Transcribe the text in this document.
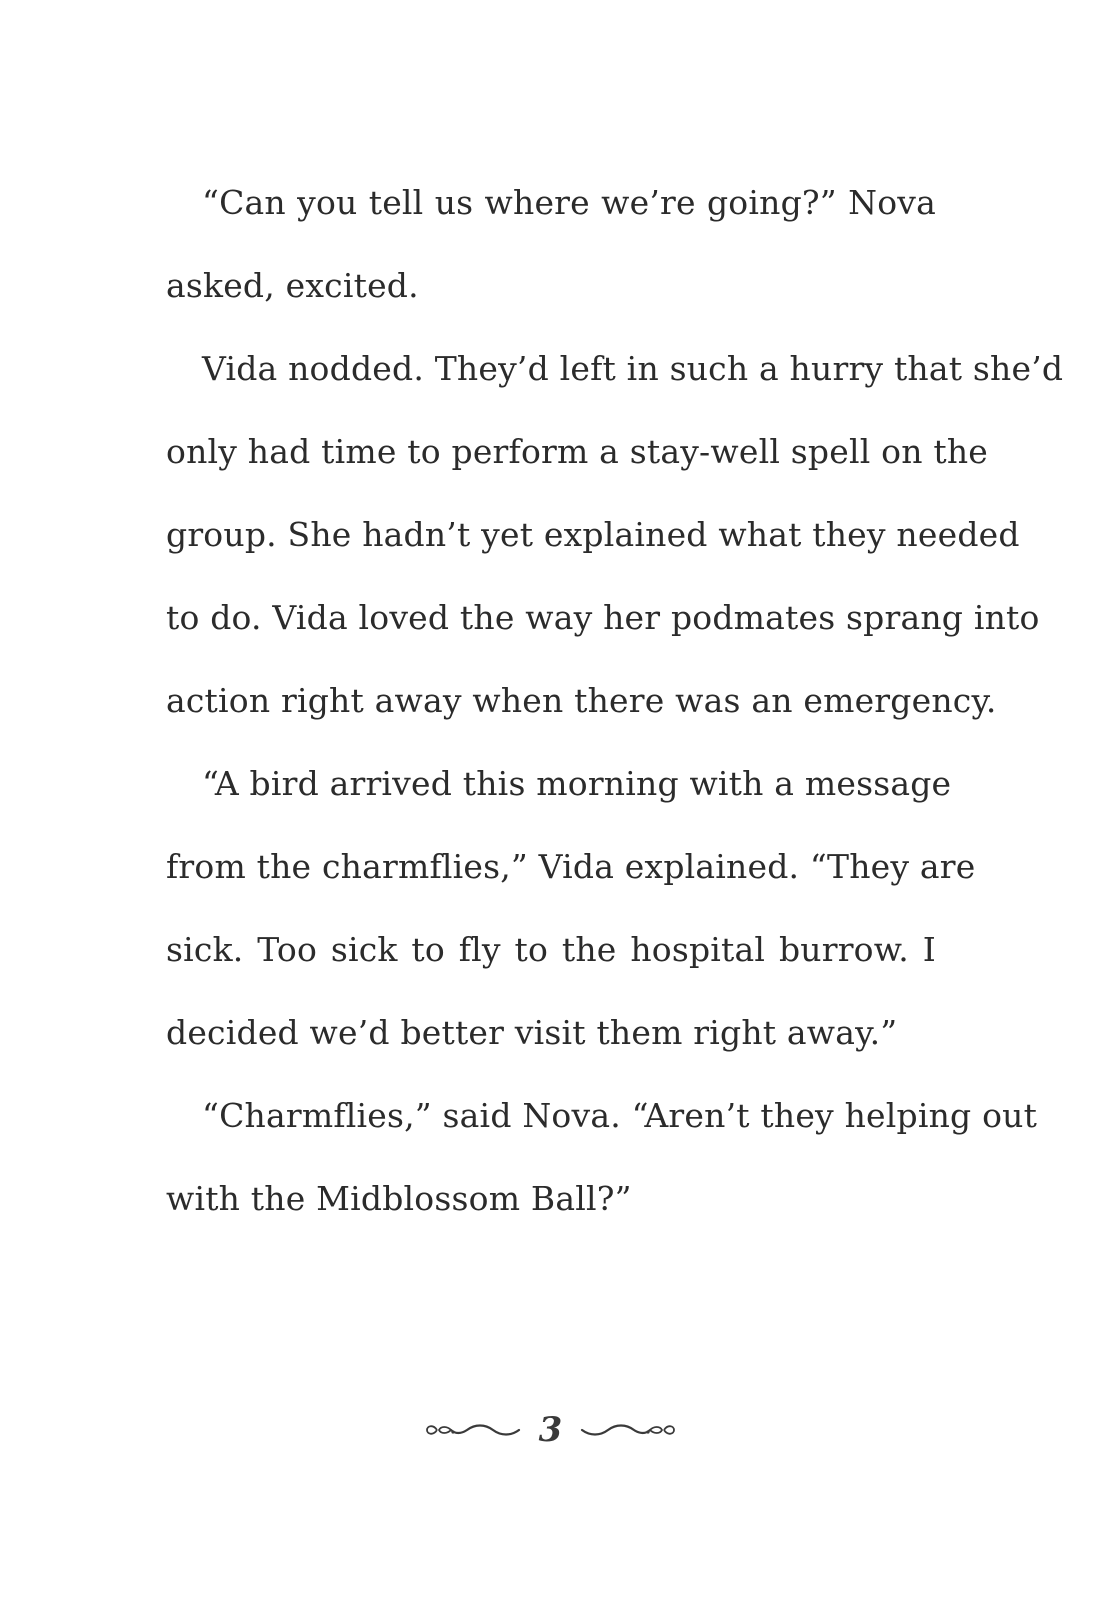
“Can you tell us where we’re going?” Nova
asked, excited.
Vida nodded. They’d left in such a hurry that she’d
only had time to perform a stay-well spell on the
group. She hadn’t yet explained what they needed
to do. Vida loved the way her podmates sprang into
action right away when there was an emergency.
“A bird arrived this morning with a message
from the charmflies,” Vida explained. “They are
sick. Too sick to fly to the hospital burrow. I
decided we’d better visit them right away.”
“Charmflies,” said Nova. “Aren’t they helping out
with the Midblossom Ball?”
3
